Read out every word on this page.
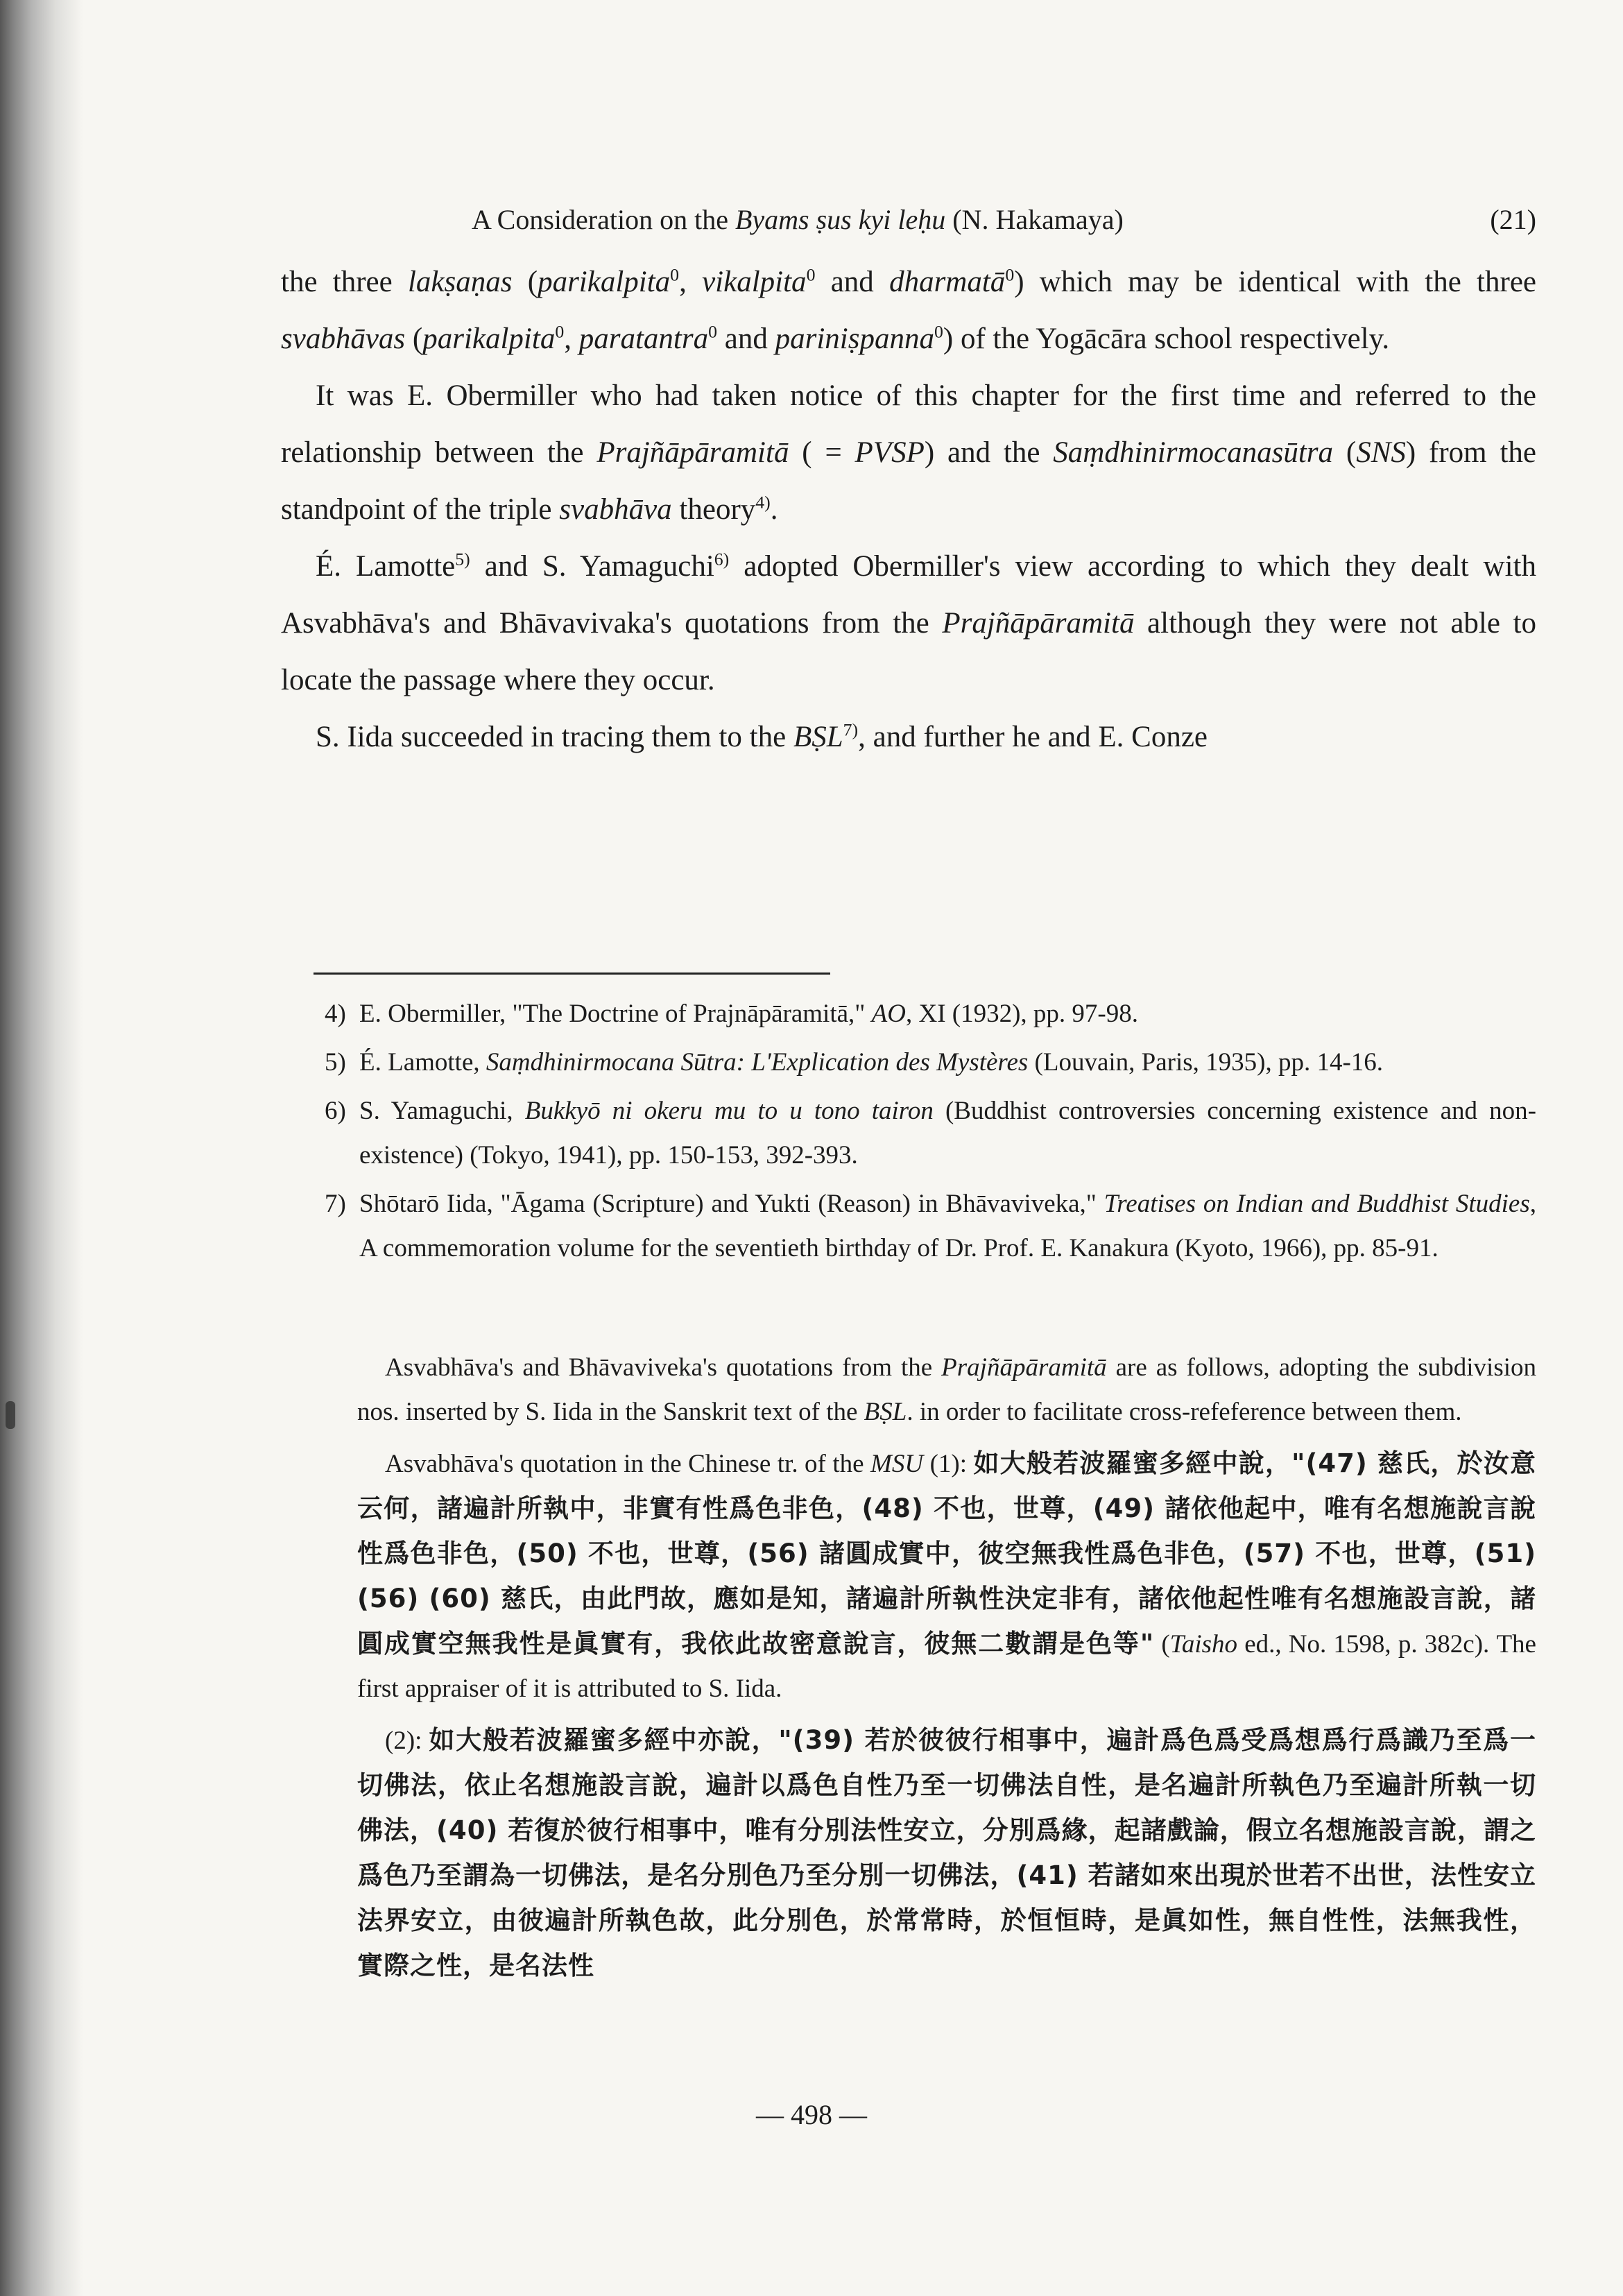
A Consideration on the Byams ṣus kyi leḥu (N. Hakamaya)	(21)

the three lakṣaṇas (parikalpita$^0$, vikalpita$^0$ and dharmatā$^0$) which may be identical with the three svabhāvas (parikalpita$^0$, paratantra$^0$ and pariniṣpanna$^0$) of the Yogācāra school respectively.

It was E. Obermiller who had taken notice of this chapter for the first time and referred to the relationship between the Prajñāpāramitā ( = PVSP) and the Saṃdhinirmocanasūtra (SNS) from the standpoint of the triple svabhāva theory$^{4)}$.

É. Lamotte$^{5)}$ and S. Yamaguchi$^{6)}$ adopted Obermiller's view according to which they dealt with Asvabhāva's and Bhāvavivaka's quotations from the Prajñāpāramitā although they were not able to locate the passage where they occur.

S. Iida succeeded in tracing them to the BṢL$^{7)}$, and further he and E. Conze

4) E. Obermiller, "The Doctrine of Prajnāpāramitā," AO, XI (1932), pp. 97-98.
5) É. Lamotte, Saṃdhinirmocana Sūtra: L'Explication des Mystères (Louvain, Paris, 1935), pp. 14-16.
6) S. Yamaguchi, Bukkyō ni okeru mu to u tono tairon (Buddhist controversies concerning existence and non-existence) (Tokyo, 1941), pp. 150-153, 392-393.
7) Shōtarō Iida, "Āgama (Scripture) and Yukti (Reason) in Bhāvaviveka," Treatises on Indian and Buddhist Studies, A commemoration volume for the seventieth birthday of Dr. Prof. E. Kanakura (Kyoto, 1966), pp. 85-91.

Asvabhāva's and Bhāvaviveka's quotations from the Prajñāpāramitā are as follows, adopting the subdivision nos. inserted by S. Iida in the Sanskrit text of the BṢL. in order to facilitate cross-refeference between them.

Asvabhāva's quotation in the Chinese tr. of the MSU (1): 如大般若波羅蜜多經中說，"(47) 慈氏，於汝意云何，諸遍計所執中，非實有性爲色非色，(48) 不也，世尊，(49) 諸依他起中，唯有名想施說言說性爲色非色，(50) 不也，世尊，(56) 諸圓成實中，彼空無我性爲色非色，(57) 不也，世尊，(51) (56) (60) 慈氏，由此門故，應如是知，諸遍計所執性決定非有，諸依他起性唯有名想施設言說，諸圓成實空無我性是眞實有，我依此故密意說言，彼無二數謂是色等" (Taisho ed., No. 1598, p. 382c). The first appraiser of it is attributed to S. Iida.

(2): 如大般若波羅蜜多經中亦說，"(39) 若於彼彼行相事中，遍計爲色爲受爲想爲行爲識乃至爲一切佛法，依止名想施設言說，遍計以爲色自性乃至一切佛法自性，是名遍計所執色乃至遍計所執一切佛法，(40) 若復於彼行相事中，唯有分別法性安立，分別爲緣，起諸戲論，假立名想施設言說，謂之爲色乃至謂為一切佛法，是名分別色乃至分別一切佛法，(41) 若諸如來出現於世若不出世，法性安立法界安立，由彼遍計所執色故，此分別色，於常常時，於恒恒時，是眞如性，無自性性，法無我性，實際之性，是名法性

— 498 —
